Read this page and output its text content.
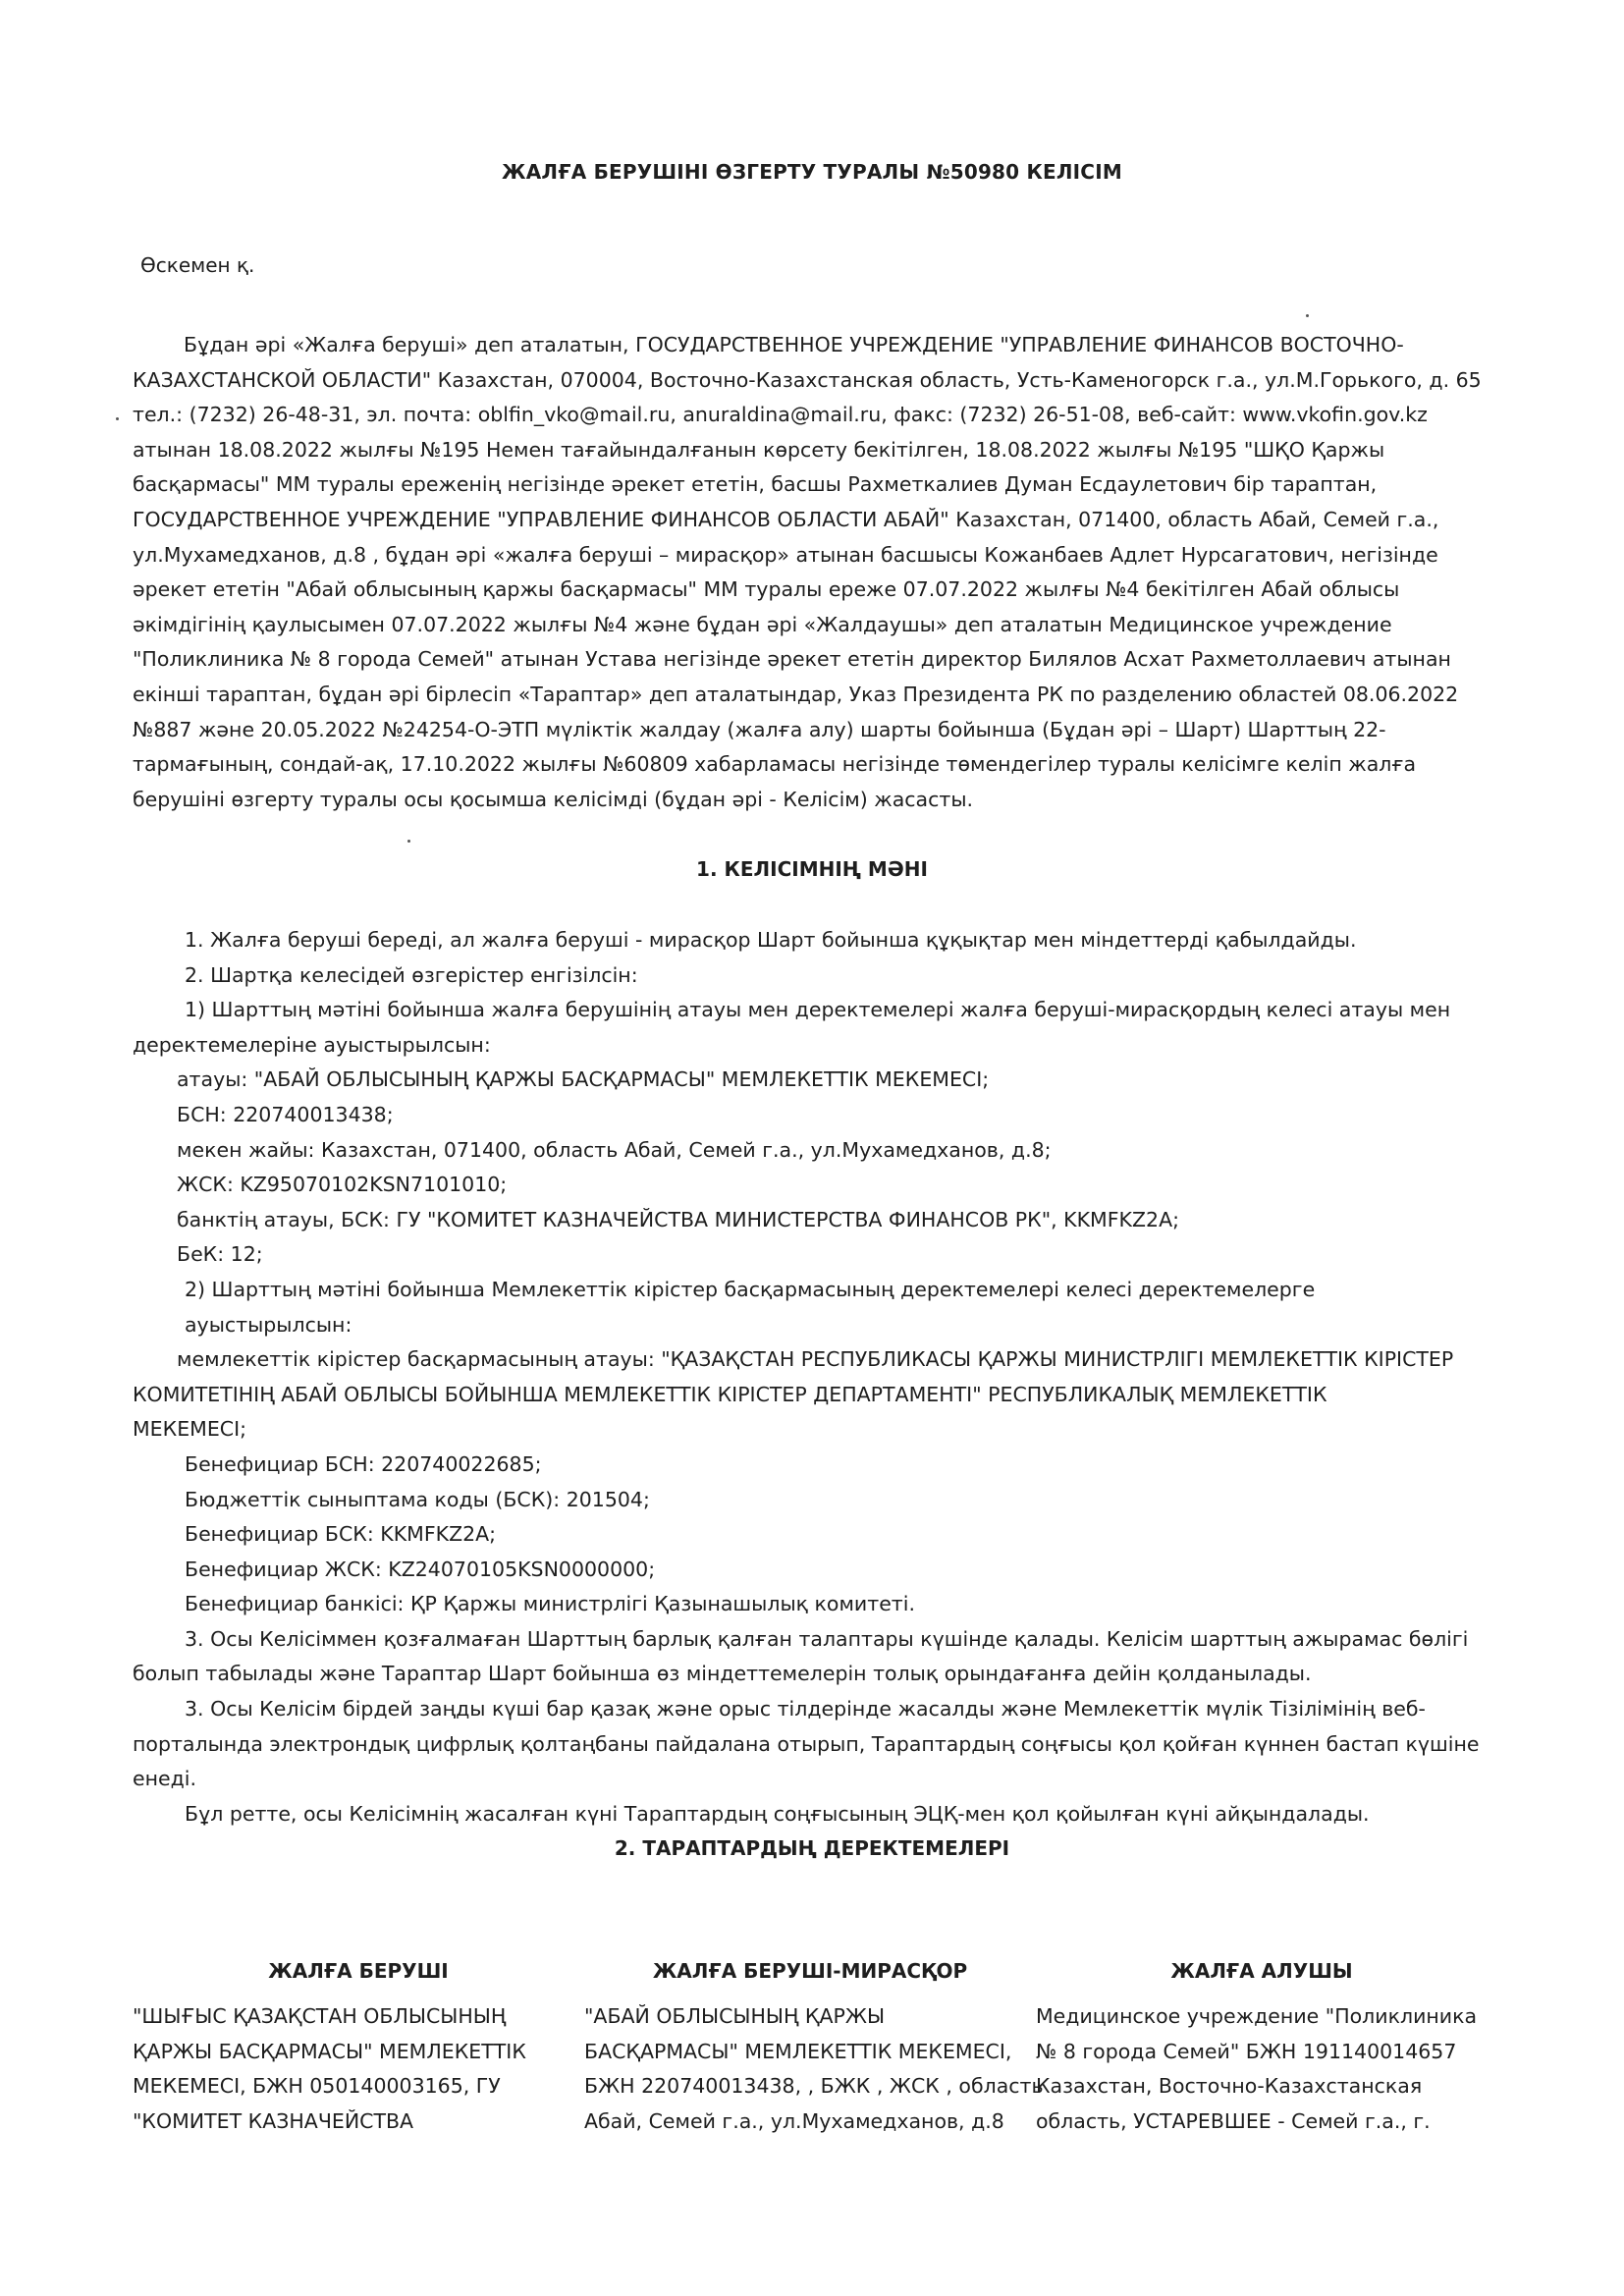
ЖАЛҒА БЕРУШІНІ ӨЗГЕРТУ ТУРАЛЫ №50980 КЕЛІСІМ
Өскемен қ.

Бұдан әрі «Жалға беруші» деп аталатын, ГОСУДАРСТВЕННОЕ УЧРЕЖДЕНИЕ "УПРАВЛЕНИЕ ФИНАНСОВ ВОСТОЧНО-
КАЗАХСТАНСКОЙ ОБЛАСТИ" Казахстан, 070004, Восточно-Казахстанская область, Усть-Каменогорск г.а., ул.М.Горького, д. 65
тел.: (7232) 26-48-31, эл. почта: oblfin_vko@mail.ru, anuraldina@mail.ru, факс: (7232) 26-51-08, веб-сайт: www.vkofin.gov.kz
атынан 18.08.2022 жылғы №195 Немен тағайындалғанын көрсету бекітілген, 18.08.2022 жылғы №195 "ШҚО Қаржы
басқармасы" ММ туралы ереженің негізінде әрекет ететін, басшы Рахметкалиев Думан Есдаулетович бір тараптан,
ГОСУДАРСТВЕННОЕ УЧРЕЖДЕНИЕ "УПРАВЛЕНИЕ ФИНАНСОВ ОБЛАСТИ АБАЙ" Казахстан, 071400, область Абай, Семей г.а.,
ул.Мухамедханов, д.8 , бұдан әрі «жалға беруші – мирасқор» атынан басшысы Кожанбаев Адлет Нурсагатович, негізінде
әрекет ететін "Абай облысының қаржы басқармасы" ММ туралы ереже 07.07.2022 жылғы №4 бекітілген Абай облысы
әкімдігінің қаулысымен 07.07.2022 жылғы №4 және бұдан әрі «Жалдаушы» деп аталатын Медицинское учреждение
"Поликлиника № 8 города Семей" атынан Устава негізінде әрекет ететін директор Билялов Асхат Рахметоллаевич атынан
екінші тараптан, бұдан әрі бірлесіп «Тараптар» деп аталатындар, Указ Президента РК по разделению областей 08.06.2022
№887 және 20.05.2022 №24254-О-ЭТП мүліктік жалдау (жалға алу) шарты бойынша (Бұдан әрі – Шарт) Шарттың 22-
тармағының, сондай-ақ, 17.10.2022 жылғы №60809 хабарламасы негізінде төмендегілер туралы келісімге келіп жалға
берушіні өзгерту туралы осы қосымша келісімді (бұдан әрі - Келісім) жасасты.

1. КЕЛІСІМНІҢ МӘНІ
1. Жалға беруші береді, ал жалға беруші - мирасқор Шарт бойынша құқықтар мен міндеттерді қабылдайды.
2. Шартқа келесідей өзгерістер енгізілсін:
1) Шарттың мәтіні бойынша жалға берушінің атауы мен деректемелері жалға беруші-мирасқордың келесі атауы мен
деректемелеріне ауыстырылсын:
атауы: "АБАЙ ОБЛЫСЫНЫҢ ҚАРЖЫ БАСҚАРМАСЫ" МЕМЛЕКЕТТІК МЕКЕМЕСІ;
БСН: 220740013438;
мекен жайы: Казахстан, 071400, область Абай, Семей г.а., ул.Мухамедханов, д.8;
ЖСК: KZ95070102KSN7101010;
банктің атауы, БСК: ГУ "КОМИТЕТ КАЗНАЧЕЙСТВА МИНИСТЕРСТВА ФИНАНСОВ РК", KKMFKZ2A;
БеК: 12;
2) Шарттың мәтіні бойынша Мемлекеттік кірістер басқармасының деректемелері келесі деректемелерге ауыстырылсын:
мемлекеттік кірістер басқармасының атауы: "ҚАЗАҚСТАН РЕСПУБЛИКАСЫ ҚАРЖЫ МИНИСТРЛІГІ МЕМЛЕКЕТТІК КІРІСТЕР
КОМИТЕТІНІҢ АБАЙ ОБЛЫСЫ БОЙЫНША МЕМЛЕКЕТТІК КІРІСТЕР ДЕПАРТАМЕНТІ" РЕСПУБЛИКАЛЫҚ МЕМЛЕКЕТТІК
МЕКЕМЕСІ;
Бенефициар БСН: 220740022685;
Бюджеттік сыныптама коды (БСК): 201504;
Бенефициар БСК: KKMFKZ2A;
Бенефициар ЖСК: KZ24070105KSN0000000;
Бенефициар банкісі: ҚР Қаржы министрлігі Қазынашылық комитеті.
3. Осы Келісіммен қозғалмаған Шарттың барлық қалған талаптары күшінде қалады. Келісім шарттың ажырамас бөлігі
болып табылады және Тараптар Шарт бойынша өз міндеттемелерін толық орындағанға дейін қолданылады.
3. Осы Келісім бірдей заңды күші бар қазақ және орыс тілдерінде жасалды және Мемлекеттік мүлік Тізілімінің веб-
порталында электрондық цифрлық қолтаңбаны пайдалана отырып, Тараптардың соңғысы қол қойған күннен бастап күшіне
енеді.
Бұл ретте, осы Келісімнің жасалған күні Тараптардың соңғысының ЭЦҚ-мен қол қойылған күні айқындалады.
2. ТАРАПТАРДЫҢ ДЕРЕКТЕМЕЛЕРІ
ЖАЛҒА БЕРУШІ

"ШЫҒЫС ҚАЗАҚСТАН ОБЛЫСЫНЫҢ
ҚАРЖЫ БАСҚАРМАСЫ" МЕМЛЕКЕТТІК
МЕКЕМЕСІ, БЖН 050140003165, ГУ
"КОМИТЕТ КАЗНАЧЕЙСТВА

ЖАЛҒА БЕРУШІ-МИРАСҚОР

"АБАЙ ОБЛЫСЫНЫҢ ҚАРЖЫ
БАСҚАРМАСЫ" МЕМЛЕКЕТТІК МЕКЕМЕСІ,
БЖН 220740013438, , БЖК , ЖСК , область
Абай, Семей г.а., ул.Мухамедханов, д.8

ЖАЛҒА АЛУШЫ

Медицинское учреждение "Поликлиника
№ 8 города Семей" БЖН 191140014657
Казахстан, Восточно-Казахстанская
область, УСТАРЕВШЕЕ - Семей г.а., г.
